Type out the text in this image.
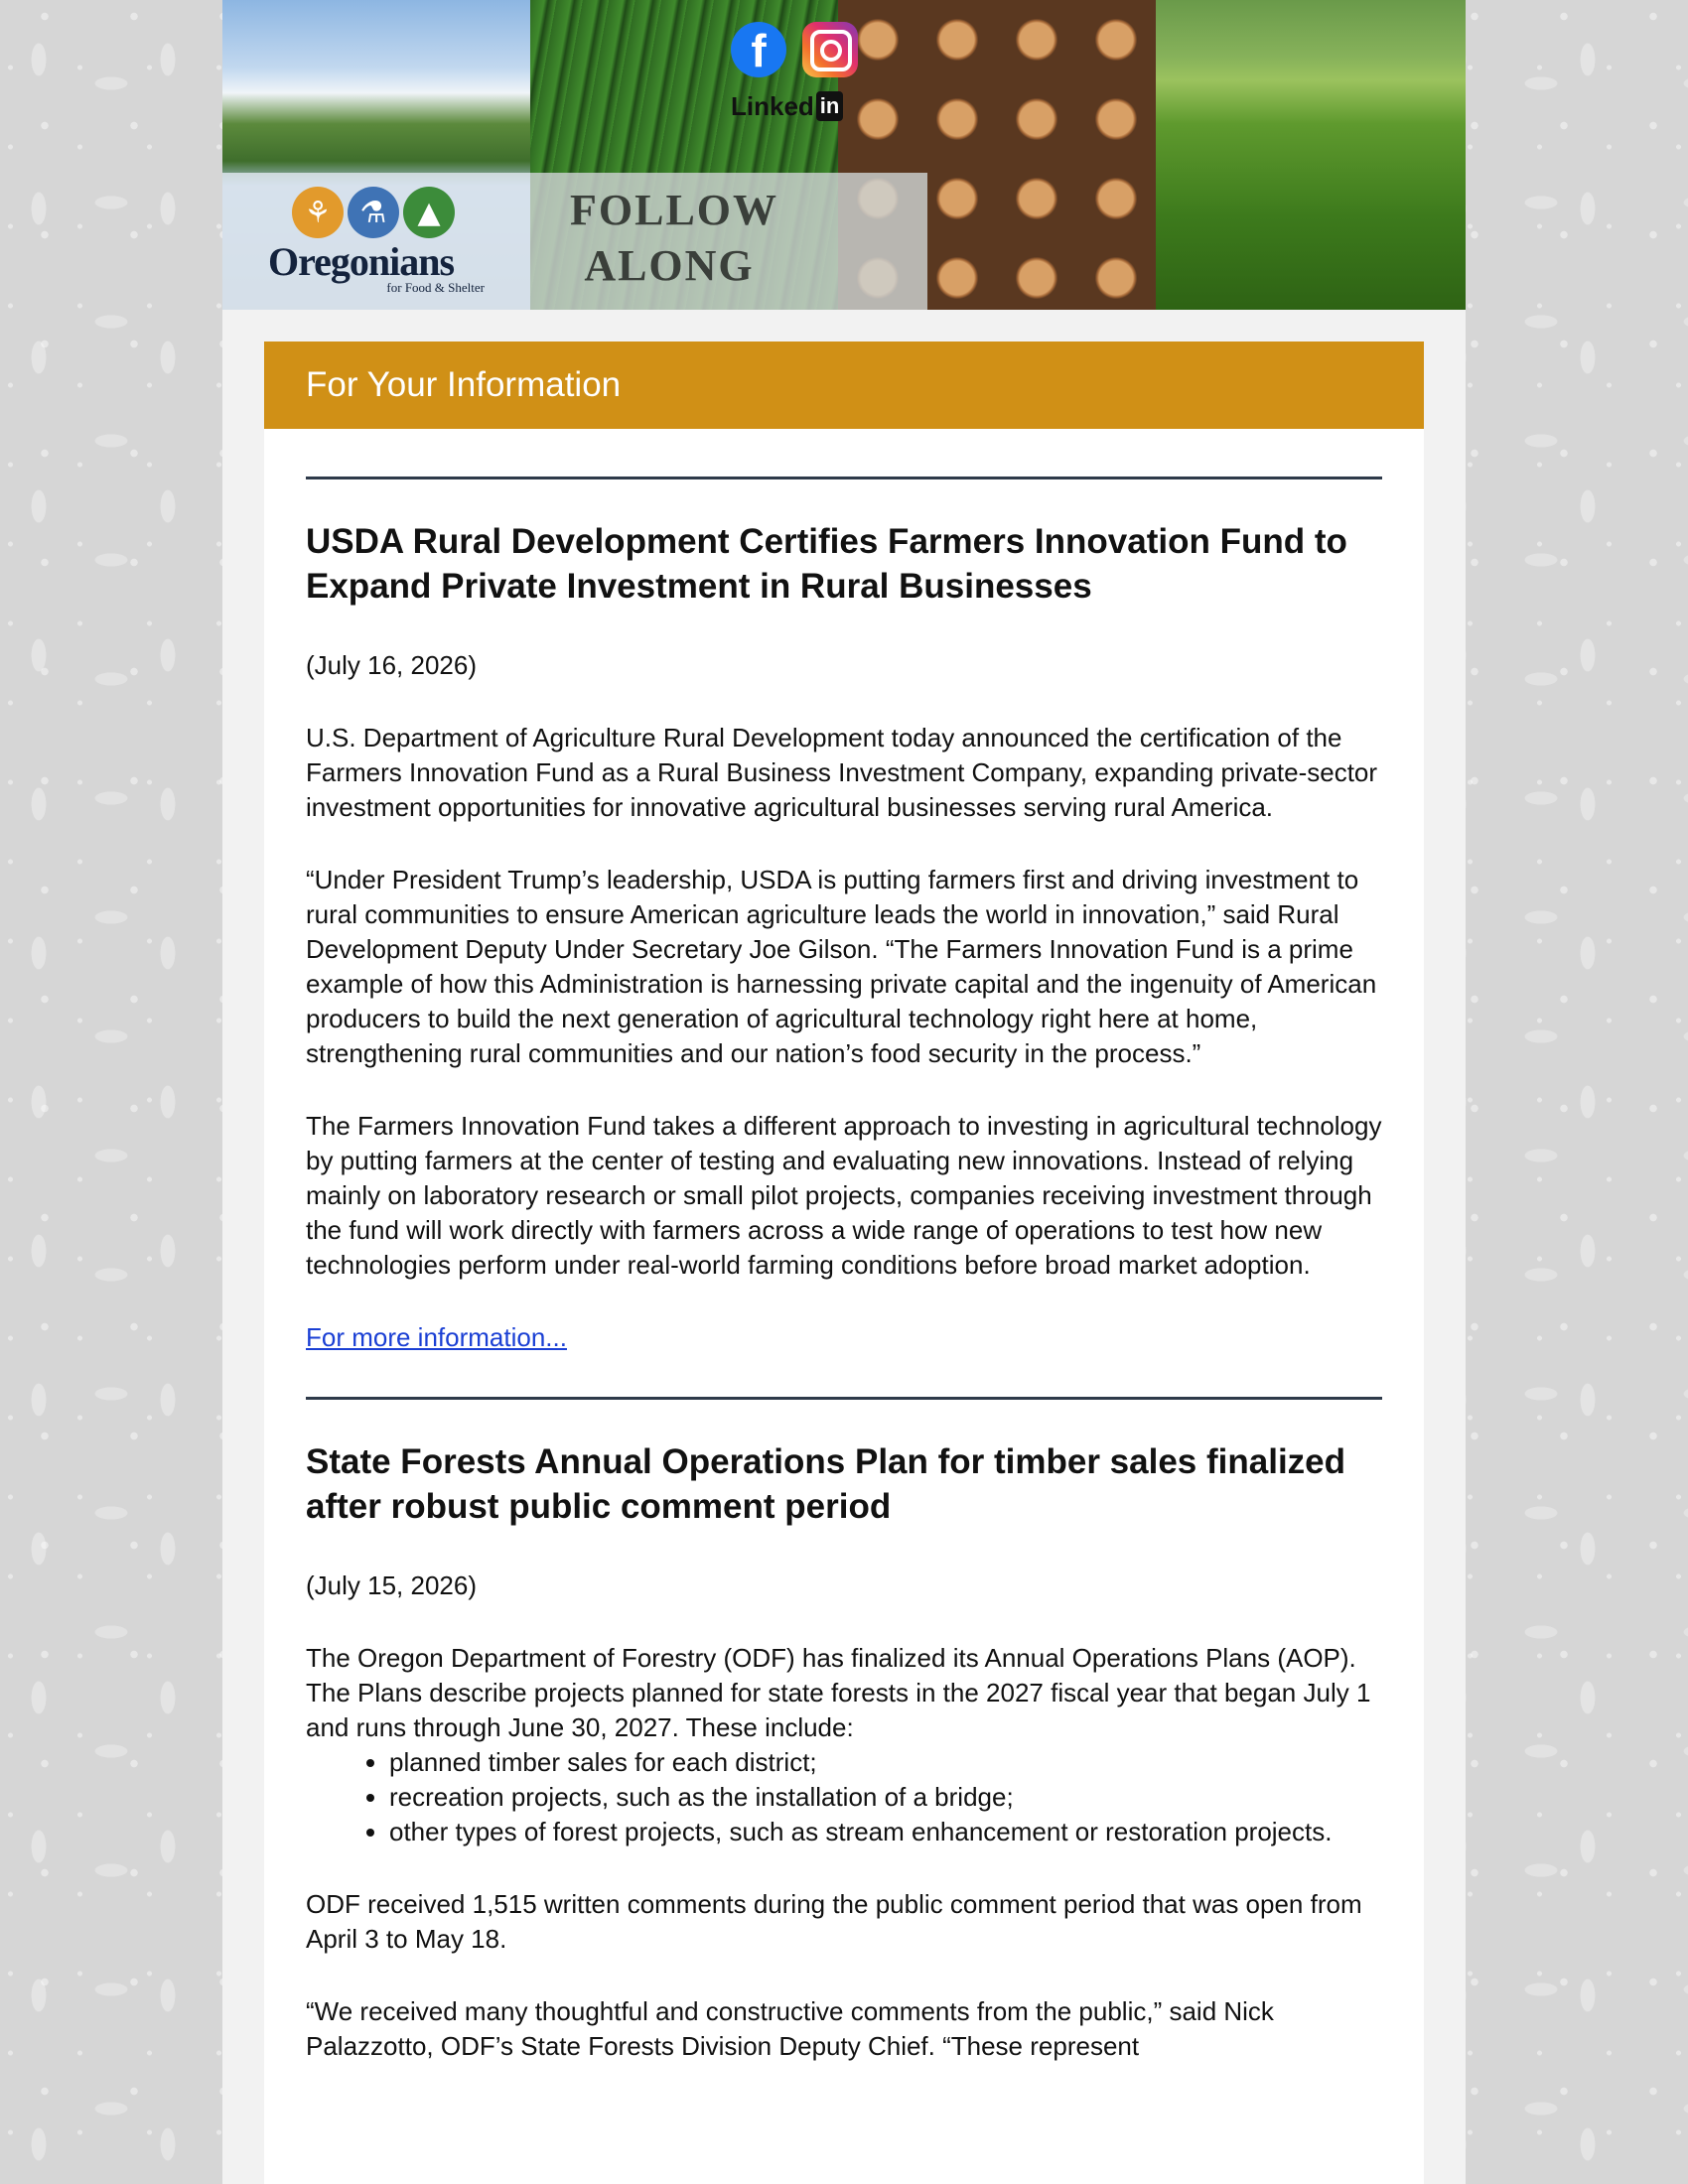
⚘ ⚗	▲
Oregonians
for Food & Shelter
FOLLOW
ALONG
f
Linked in
For Your Information
USDA Rural Development Certifies Farmers Innovation Fund to Expand Private Investment in Rural Businesses

(July 16, 2026)

U.S. Department of Agriculture Rural Development today announced the certification of the Farmers Innovation Fund as a Rural Business Investment Company, expanding private-sector investment opportunities for innovative agricultural businesses serving rural America.

“Under President Trump’s leadership, USDA is putting farmers first and driving investment to rural communities to ensure American agriculture leads the world in innovation,” said Rural Development Deputy Under Secretary Joe Gilson. “The Farmers Innovation Fund is a prime example of how this Administration is harnessing private capital and the ingenuity of American producers to build the next generation of agricultural technology right here at home, strengthening rural communities and our nation’s food security in the process.”

The Farmers Innovation Fund takes a different approach to investing in agricultural technology by putting farmers at the center of testing and evaluating new innovations. Instead of relying mainly on laboratory research or small pilot projects, companies receiving investment through the fund will work directly with farmers across a wide range of operations to test how new technologies perform under real-world farming conditions before broad market adoption.

For more information...

State Forests Annual Operations Plan for timber sales finalized after robust public comment period

(July 15, 2026)

The Oregon Department of Forestry (ODF) has finalized its Annual Operations Plans (AOP). The Plans describe projects planned for state forests in the 2027 fiscal year that began July 1 and runs through June 30, 2027. These include:

• planned timber sales for each district;
• recreation projects, such as the installation of a bridge;
• other types of forest projects, such as stream enhancement or restoration projects.

ODF received 1,515 written comments during the public comment period that was open from April 3 to May 18.

“We received many thoughtful and constructive comments from the public,” said Nick Palazzotto, ODF’s State Forests Division Deputy Chief. “These represent
